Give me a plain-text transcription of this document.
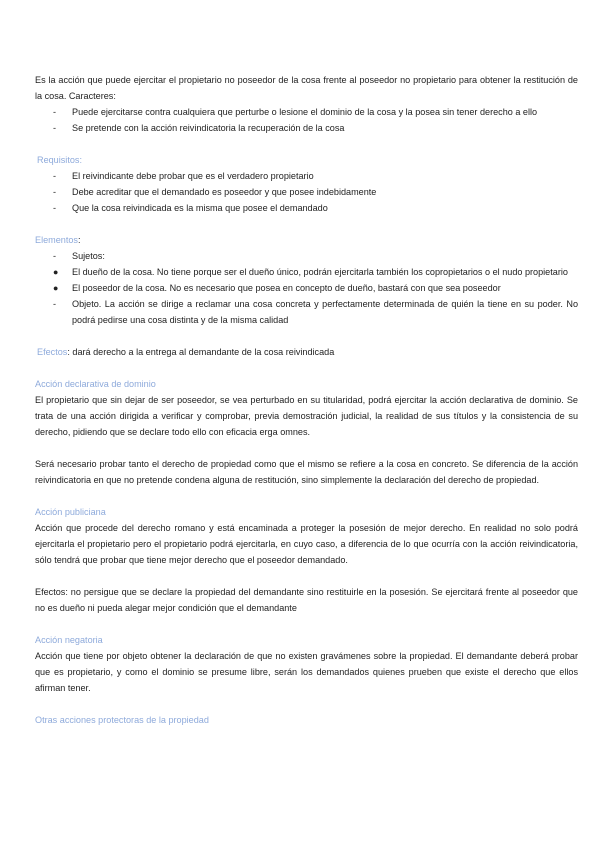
Es la acción que puede ejercitar el propietario no poseedor de la cosa frente al poseedor no propietario para obtener la restitución de la cosa. Caracteres:

-	Puede ejercitarse contra cualquiera que perturbe o lesione el dominio de la cosa y la posea sin tener derecho a ello
-	Se pretende con la acción reivindicatoria la recuperación de la cosa

Requisitos:

-	El reivindicante debe probar que es el verdadero propietario
-	Debe acreditar que el demandado es poseedor y que posee indebidamente
-	Que la cosa reivindicada es la misma que posee el demandado

Elementos:

-	Sujetos:
●	El dueño de la cosa. No tiene porque ser el dueño único, podrán ejercitarla también los copropietarios o el nudo propietario
●	El poseedor de la cosa. No es necesario que posea en concepto de dueño, bastará con que sea poseedor
-	Objeto. La acción se dirige a reclamar una cosa concreta y perfectamente determinada de quién la tiene en su poder. No podrá pedirse una cosa distinta y de la misma calidad

Efectos: dará derecho a la entrega al demandante de la cosa reivindicada

Acción declarativa de dominio

El propietario que sin dejar de ser poseedor, se vea perturbado en su titularidad, podrá ejercitar la acción declarativa de dominio. Se trata de una acción dirigida a verificar y comprobar, previa demostración judicial, la realidad de sus títulos y la consistencia de su derecho, pidiendo que se declare todo ello con eficacia erga omnes.

Será necesario probar tanto el derecho de propiedad como que el mismo se refiere a la cosa en concreto. Se diferencia de la acción reivindicatoria en que no pretende condena alguna de restitución, sino simplemente la declaración del derecho de propiedad.

Acción publiciana

Acción que procede del derecho romano y está encaminada a proteger la posesión de mejor derecho. En realidad no solo podrá ejercitarla el propietario pero el propietario podrá ejercitarla, en cuyo caso, a diferencia de lo que ocurría con la acción reivindicatoria, sólo tendrá que probar que tiene mejor derecho que el poseedor demandado.

Efectos: no persigue que se declare la propiedad del demandante sino restituirle en la posesión. Se ejercitará frente al poseedor que no es dueño ni pueda alegar mejor condición que el demandante

Acción negatoria

Acción que tiene por objeto obtener la declaración de que no existen gravámenes sobre la propiedad. El demandante deberá probar que es propietario, y como el dominio se presume libre, serán los demandados quienes prueben que existe el derecho que ellos afirman tener.

Otras acciones protectoras de la propiedad
